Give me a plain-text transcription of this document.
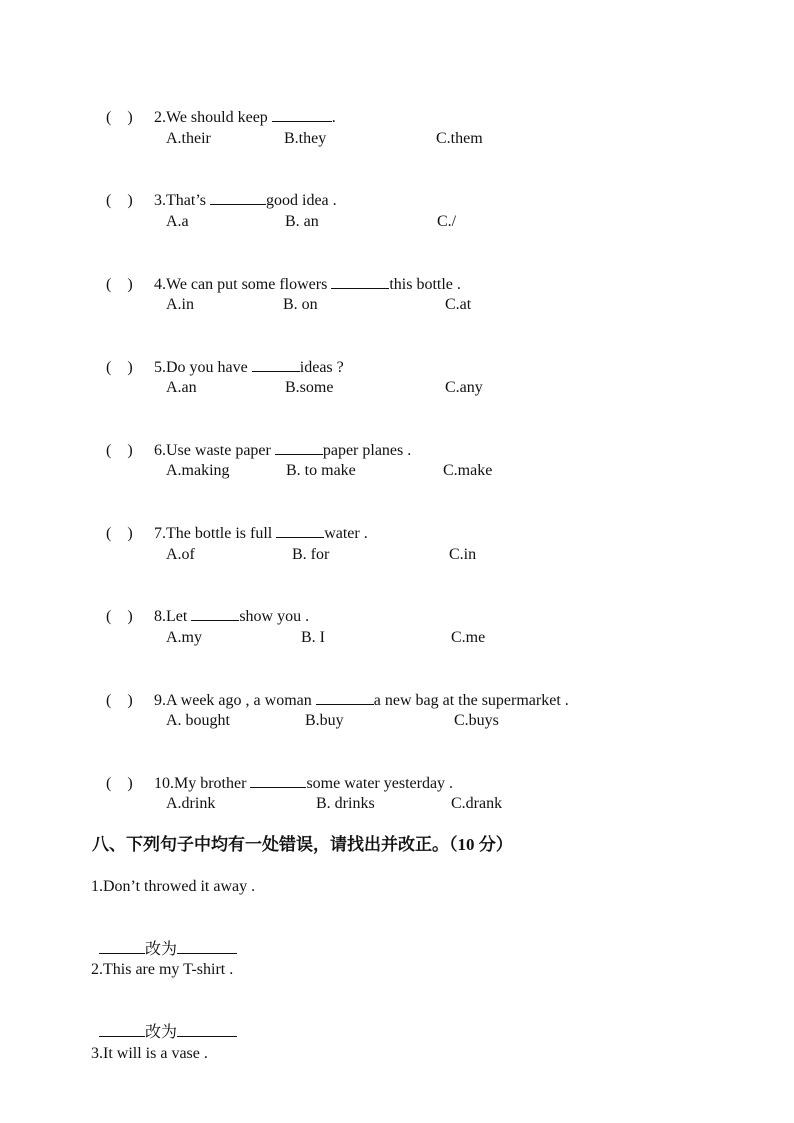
(    ) 2.We should keep	.

A.their	B.they	C.them

(    ) 3.That’s	good idea .

A.a	B. an	C./

(    ) 4.We can put some flowers	this bottle .

A.in	B. on	C.at

(    ) 5.Do you have	ideas ?

A.an	B.some	C.any

(    ) 6.Use waste paper	paper planes .

A.making	B. to make	C.make

(    ) 7.The bottle is full	water .

A.of	B. for	C.in

(    ) 8.Let	show you .

A.my	B. I	C.me

(    ) 9.A week ago , a woman	a new bag at the supermarket .

A. bought	B.buy	C.buys

(    ) 10.My brother	some water yesterday .

A.drink	B. drinks	C.drank
八、下列句子中均有一处错误，请找出并改正。（10 分）
1.Don’t throwed it away .

改为

2.This are my T-shirt .

改为

3.It will is a vase .
